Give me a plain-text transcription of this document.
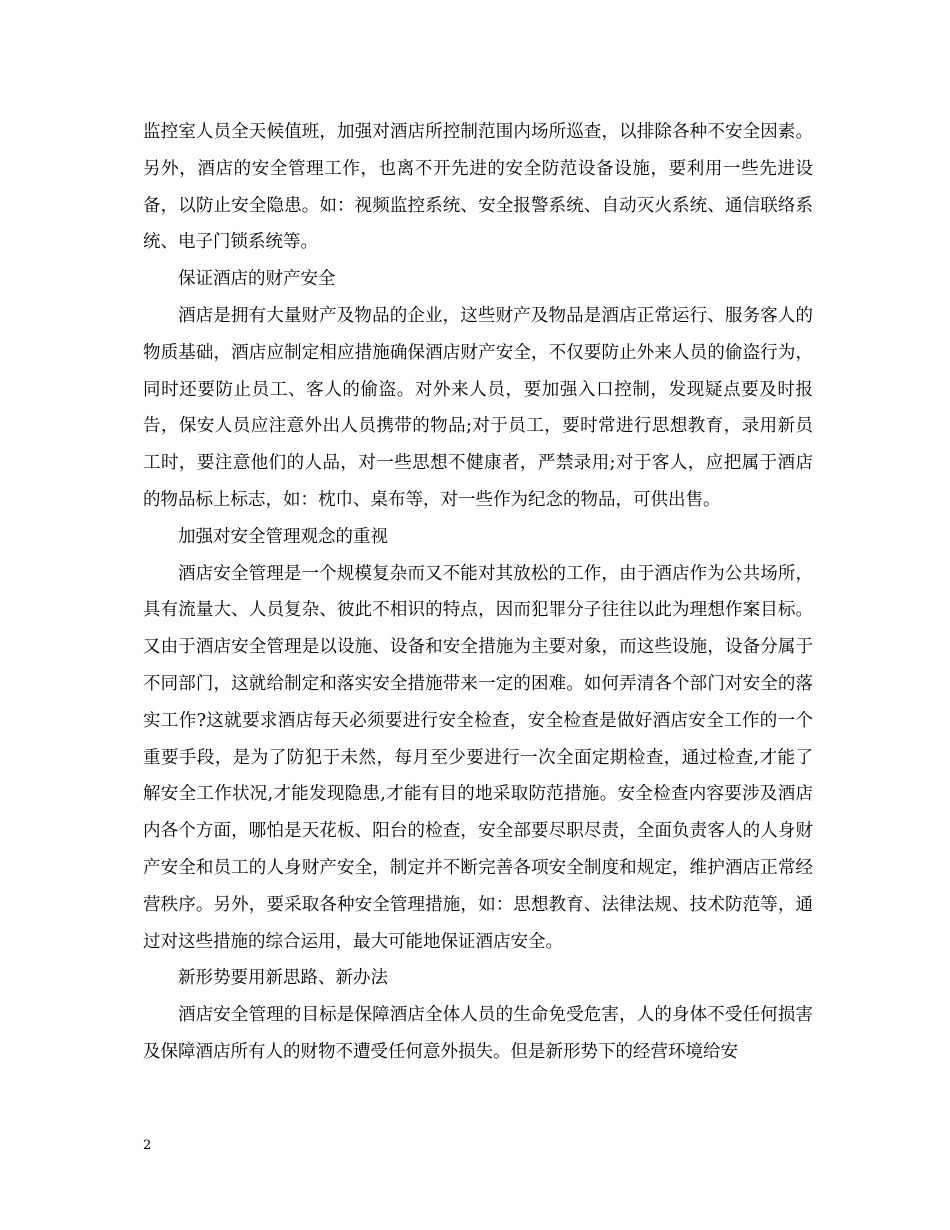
监控室人员全天候值班，加强对酒店所控制范围内场所巡查，以排除各种不安全因素。另外，酒店的安全管理工作，也离不开先进的安全防范设备设施，要利用一些先进设备，以防止安全隐患。如：视频监控系统、安全报警系统、自动灭火系统、通信联络系统、电子门锁系统等。

保证酒店的财产安全

酒店是拥有大量财产及物品的企业，这些财产及物品是酒店正常运行、服务客人的物质基础，酒店应制定相应措施确保酒店财产安全，不仅要防止外来人员的偷盗行为，同时还要防止员工、客人的偷盗。对外来人员，要加强入口控制，发现疑点要及时报告，保安人员应注意外出人员携带的物品;对于员工，要时常进行思想教育，录用新员工时，要注意他们的人品，对一些思想不健康者，严禁录用;对于客人，应把属于酒店的物品标上标志，如：枕巾、桌布等，对一些作为纪念的物品，可供出售。

加强对安全管理观念的重视

酒店安全管理是一个规模复杂而又不能对其放松的工作，由于酒店作为公共场所，具有流量大、人员复杂、彼此不相识的特点，因而犯罪分子往往以此为理想作案目标。又由于酒店安全管理是以设施、设备和安全措施为主要对象，而这些设施，设备分属于不同部门，这就给制定和落实安全措施带来一定的困难。如何弄清各个部门对安全的落实工作?这就要求酒店每天必须要进行安全检查，安全检查是做好酒店安全工作的一个重要手段，是为了防犯于未然，每月至少要进行一次全面定期检查，通过检查,才能了解安全工作状况,才能发现隐患,才能有目的地采取防范措施。安全检查内容要涉及酒店内各个方面，哪怕是天花板、阳台的检查，安全部要尽职尽责，全面负责客人的人身财产安全和员工的人身财产安全，制定并不断完善各项安全制度和规定，维护酒店正常经营秩序。另外，要采取各种安全管理措施，如：思想教育、法律法规、技术防范等，通过对这些措施的综合运用，最大可能地保证酒店安全。

新形势要用新思路、新办法

酒店安全管理的目标是保障酒店全体人员的生命免受危害，人的身体不受任何损害及保障酒店所有人的财物不遭受任何意外损失。但是新形势下的经营环境给安

2
